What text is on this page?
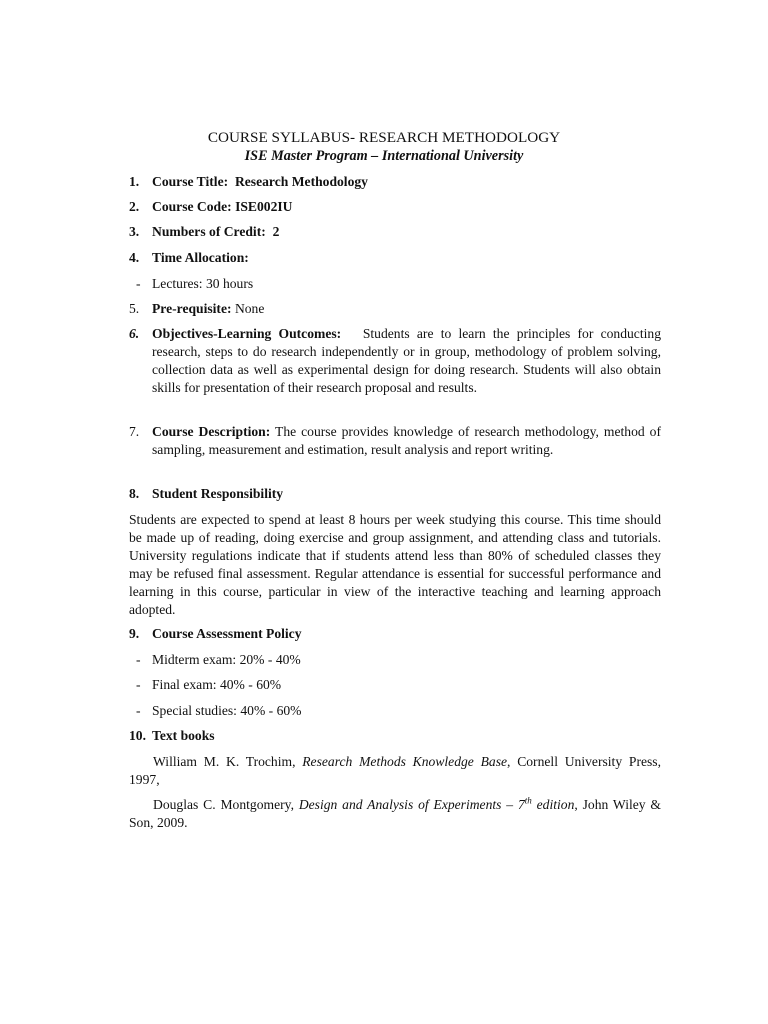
COURSE SYLLABUS- RESEARCH METHODOLOGY
ISE Master Program – International University
1. Course Title: Research Methodology
2. Course Code: ISE002IU
3. Numbers of Credit: 2
4. Time Allocation:
- Lectures: 30 hours
5. Pre-requisite: None
6. Objectives-Learning Outcomes: Students are to learn the principles for conducting research, steps to do research independently or in group, methodology of problem solving, collection data as well as experimental design for doing research. Students will also obtain skills for presentation of their research proposal and results.
7. Course Description: The course provides knowledge of research methodology, method of sampling, measurement and estimation, result analysis and report writing.
8. Student Responsibility
Students are expected to spend at least 8 hours per week studying this course. This time should be made up of reading, doing exercise and group assignment, and attending class and tutorials. University regulations indicate that if students attend less than 80% of scheduled classes they may be refused final assessment. Regular attendance is essential for successful performance and learning in this course, particular in view of the interactive teaching and learning approach adopted.
9. Course Assessment Policy
- Midterm exam: 20% - 40%
- Final exam: 40% - 60%
- Special studies: 40% - 60%
10. Text books
William M. K. Trochim, Research Methods Knowledge Base, Cornell University Press, 1997,
Douglas C. Montgomery, Design and Analysis of Experiments – 7th edition, John Wiley & Son, 2009.
